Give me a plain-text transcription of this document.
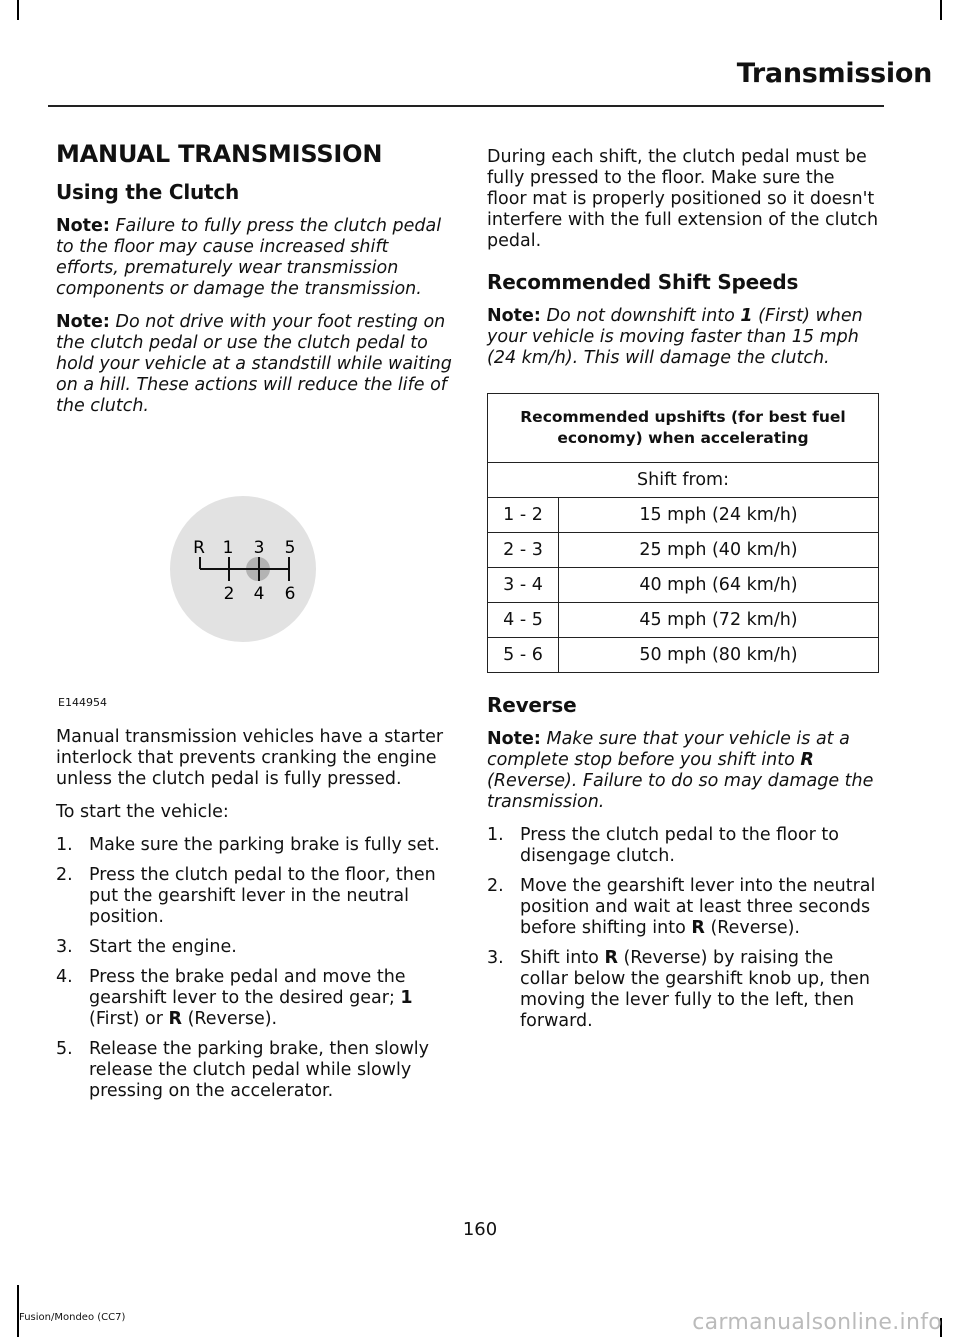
Transmission
MANUAL TRANSMISSION
Using the Clutch

Note: Failure to fully press the clutch pedal to the floor may cause increased shift efforts, prematurely wear transmission components or damage the transmission.

Note: Do not drive with your foot resting on the clutch pedal or use the clutch pedal to hold your vehicle at a standstill while waiting on a hill. These actions will reduce the life of the clutch.

R 1 3 5
2 4 6
E144954

Manual transmission vehicles have a starter interlock that prevents cranking the engine unless the clutch pedal is fully pressed.

To start the vehicle:

1. Make sure the parking brake is fully set.
2. Press the clutch pedal to the floor, then put the gearshift lever in the neutral position.
3. Start the engine.
4. Press the brake pedal and move the gearshift lever to the desired gear; 1 (First) or R (Reverse).
5. Release the parking brake, then slowly release the clutch pedal while slowly pressing on the accelerator.

During each shift, the clutch pedal must be fully pressed to the floor. Make sure the floor mat is properly positioned so it doesn't interfere with the full extension of the clutch pedal.

Recommended Shift Speeds

Note: Do not downshift into 1 (First) when your vehicle is moving faster than 15 mph (24 km/h). This will damage the clutch.

Recommended upshifts (for best fuel economy) when accelerating	
Shift from:	
1 - 2	15 mph (24 km/h)
2 - 3	25 mph (40 km/h)
3 - 4	40 mph (64 km/h)
4 - 5	45 mph (72 km/h)
5 - 6	50 mph (80 km/h)
Reverse

Note: Make sure that your vehicle is at a complete stop before you shift into R (Reverse). Failure to do so may damage the transmission.

1. Press the clutch pedal to the floor to disengage clutch.
2. Move the gearshift lever into the neutral position and wait at least three seconds before shifting into R (Reverse).
3. Shift into R (Reverse) by raising the collar below the gearshift knob up, then moving the lever fully to the left, then forward.
160
Fusion/Mondeo (CC7)	carmanualsonline.info
